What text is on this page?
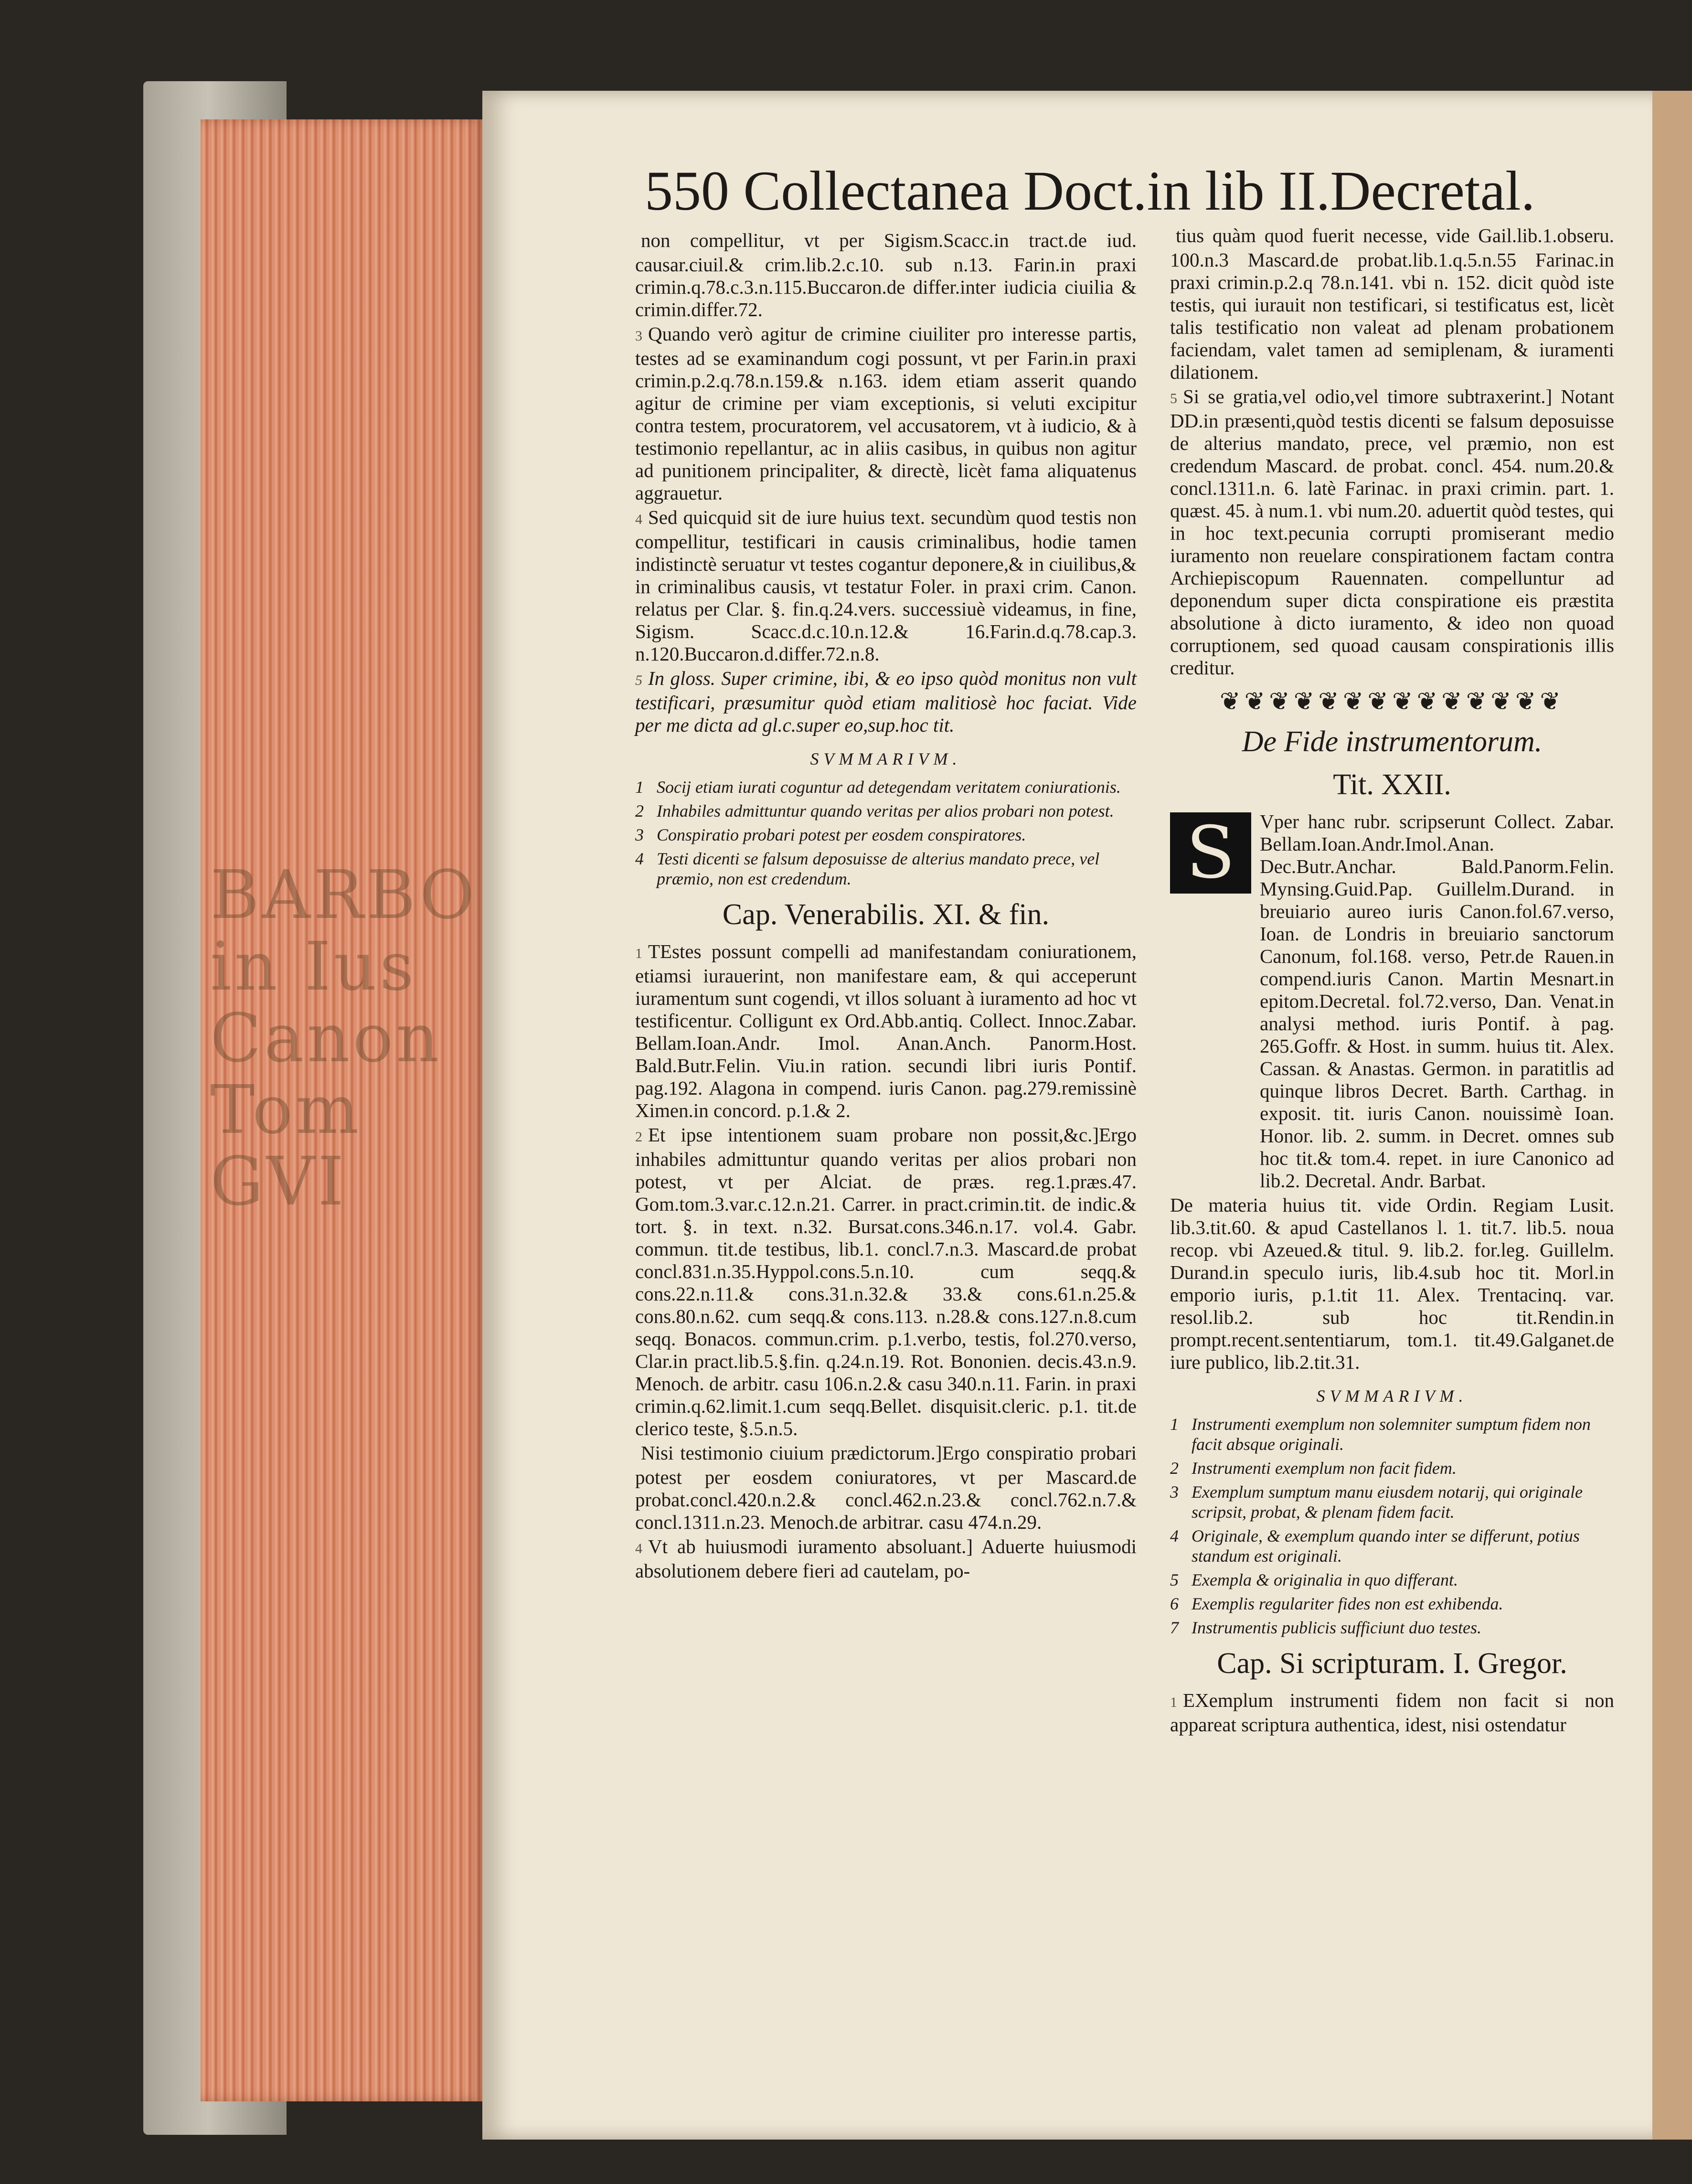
BARBO in Ius Canon Tom GVI
550 Collectanea Doct.in lib II.Decretal.

non compellitur, vt per Sigism.Scacc.in tract.de iud. causar.ciuil.& crim.lib.2.c.10. sub n.13. Farin.in praxi crimin.q.78.c.3.n.115.Buccaron.de differ.inter iudicia ciuilia & crimin.differ.72.

3 Quando verò agitur de crimine ciuiliter pro interesse partis, testes ad se examinandum cogi possunt, vt per Farin.in praxi crimin.p.2.q.78.n.159.& n.163. idem etiam asserit quando agitur de crimine per viam exceptionis, si veluti excipitur contra testem, procuratorem, vel accusatorem, vt à iudicio, & à testimonio repellantur, ac in aliis casibus, in quibus non agitur ad punitionem principaliter, & directè, licèt fama aliquatenus aggrauetur.

4 Sed quicquid sit de iure huius text. secundùm quod testis non compellitur, testificari in causis criminalibus, hodie tamen indistinctè seruatur vt testes cogantur deponere,& in ciuilibus,& in criminalibus causis, vt testatur Foler. in praxi crim. Canon. relatus per Clar. §. fin.q.24.vers. successiuè videamus, in fine, Sigism. Scacc.d.c.10.n.12.& 16.Farin.d.q.78.cap.3. n.120.Buccaron.d.differ.72.n.8.

5 In gloss. Super crimine, ibi, & eo ipso quòd monitus non vult testificari, præsumitur quòd etiam malitiosè hoc faciat. Vide per me dicta ad gl.c.super eo,sup.hoc tit.

SVMMARIVM.
1 Socij etiam iurati coguntur ad detegendam veritatem coniurationis.
2 Inhabiles admittuntur quando veritas per alios probari non potest.
3 Conspiratio probari potest per eosdem conspiratores.
4 Testi dicenti se falsum deposuisse de alterius mandato prece, vel præmio, non est credendum.
Cap. Venerabilis. XI. & fin.

1 TEstes possunt compelli ad manifestandam coniurationem, etiamsi iurauerint, non manifestare eam, & qui acceperunt iuramentum sunt cogendi, vt illos soluant à iuramento ad hoc vt testificentur. Colligunt ex Ord.Abb.antiq. Collect. Innoc.Zabar. Bellam.Ioan.Andr. Imol. Anan.Anch. Panorm.Host. Bald.Butr.Felin. Viu.in ration. secundi libri iuris Pontif. pag.192. Alagona in compend. iuris Canon. pag.279.remissinè Ximen.in concord. p.1.& 2.

2 Et ipse intentionem suam probare non possit,&c.]Ergo inhabiles admittuntur quando veritas per alios probari non potest, vt per Alciat. de præs. reg.1.præs.47. Gom.tom.3.var.c.12.n.21. Carrer. in pract.crimin.tit. de indic.& tort. §. in text. n.32. Bursat.cons.346.n.17. vol.4. Gabr. commun. tit.de testibus, lib.1. concl.7.n.3. Mascard.de probat concl.831.n.35.Hyppol.cons.5.n.10. cum seqq.& cons.22.n.11.& cons.31.n.32.& 33.& cons.61.n.25.& cons.80.n.62. cum seqq.& cons.113. n.28.& cons.127.n.8.cum seqq. Bonacos. commun.crim. p.1.verbo, testis, fol.270.verso, Clar.in pract.lib.5.§.fin. q.24.n.19. Rot. Bononien. decis.43.n.9. Menoch. de arbitr. casu 106.n.2.& casu 340.n.11. Farin. in praxi crimin.q.62.limit.1.cum seqq.Bellet. disquisit.cleric. p.1. tit.de clerico teste, §.5.n.5.

Nisi testimonio ciuium prædictorum.]Ergo conspiratio probari potest per eosdem coniuratores, vt per Mascard.de probat.concl.420.n.2.& concl.462.n.23.& concl.762.n.7.& concl.1311.n.23. Menoch.de arbitrar. casu 474.n.29.

4 Vt ab huiusmodi iuramento absoluant.] Aduerte huiusmodi absolutionem debere fieri ad cautelam, po-

tius quàm quod fuerit necesse, vide Gail.lib.1.obseru. 100.n.3 Mascard.de probat.lib.1.q.5.n.55 Farinac.in praxi crimin.p.2.q 78.n.141. vbi n. 152. dicit quòd iste testis, qui iurauit non testificari, si testificatus est, licèt talis testificatio non valeat ad plenam probationem faciendam, valet tamen ad semiplenam, & iuramenti dilationem.

5 Si se gratia,vel odio,vel timore subtraxerint.] Notant DD.in præsenti,quòd testis dicenti se falsum deposuisse de alterius mandato, prece, vel præmio, non est credendum Mascard. de probat. concl. 454. num.20.& concl.1311.n. 6. latè Farinac. in praxi crimin. part. 1. quæst. 45. à num.1. vbi num.20. aduertit quòd testes, qui in hoc text.pecunia corrupti promiserant medio iuramento non reuelare conspirationem factam contra Archiepiscopum Rauennaten. compelluntur ad deponendum super dicta conspiratione eis præstita absolutione à dicto iuramento, & ideo non quoad corruptionem, sed quoad causam conspirationis illis creditur.

❦❦❦❦❦❦❦❦❦❦❦❦❦❦
De Fide instrumentorum.
Tit. XXII.
S	Vper hanc rubr. scripserunt Collect. Zabar. Bellam.Ioan.Andr.Imol.Anan. Dec.Butr.Anchar. Bald.Panorm.Felin. Mynsing.Guid.Pap. Guillelm.Durand. in breuiario aureo iuris Canon.fol.67.verso, Ioan. de Londris in breuiario sanctorum Canonum, fol.168. verso, Petr.de Rauen.in compend.iuris Canon. Martin Mesnart.in epitom.Decretal. fol.72.verso, Dan. Venat.in analysi method. iuris Pontif. à pag. 265.Goffr. & Host. in summ. huius tit. Alex. Cassan. & Anastas. Germon. in paratitlis ad quinque libros Decret. Barth. Carthag. in exposit. tit. iuris Canon. nouissimè Ioan. Honor. lib. 2. summ. in Decret. omnes sub hoc tit.& tom.4. repet. in iure Canonico ad lib.2. Decretal. Andr. Barbat.

De materia huius tit. vide Ordin. Regiam Lusit. lib.3.tit.60. & apud Castellanos l. 1. tit.7. lib.5. noua recop. vbi Azeued.& titul. 9. lib.2. for.leg. Guillelm. Durand.in speculo iuris, lib.4.sub hoc tit. Morl.in emporio iuris, p.1.tit 11. Alex. Trentacinq. var. resol.lib.2. sub hoc tit.Rendin.in prompt.recent.sententiarum, tom.1. tit.49.Galganet.de iure publico, lib.2.tit.31.

SVMMARIVM.
1 Instrumenti exemplum non solemniter sumptum fidem non facit absque originali.
2 Instrumenti exemplum non facit fidem.
3 Exemplum sumptum manu eiusdem notarij, qui originale scripsit, probat, & plenam fidem facit.
4 Originale, & exemplum quando inter se differunt, potius standum est originali.
5 Exempla & originalia in quo differant.
6 Exemplis regulariter fides non est exhibenda.
7 Instrumentis publicis sufficiunt duo testes.
Cap. Si scripturam. I. Gregor.

1 EXemplum instrumenti fidem non facit si non appareat scriptura authentica, idest, nisi ostendatur
